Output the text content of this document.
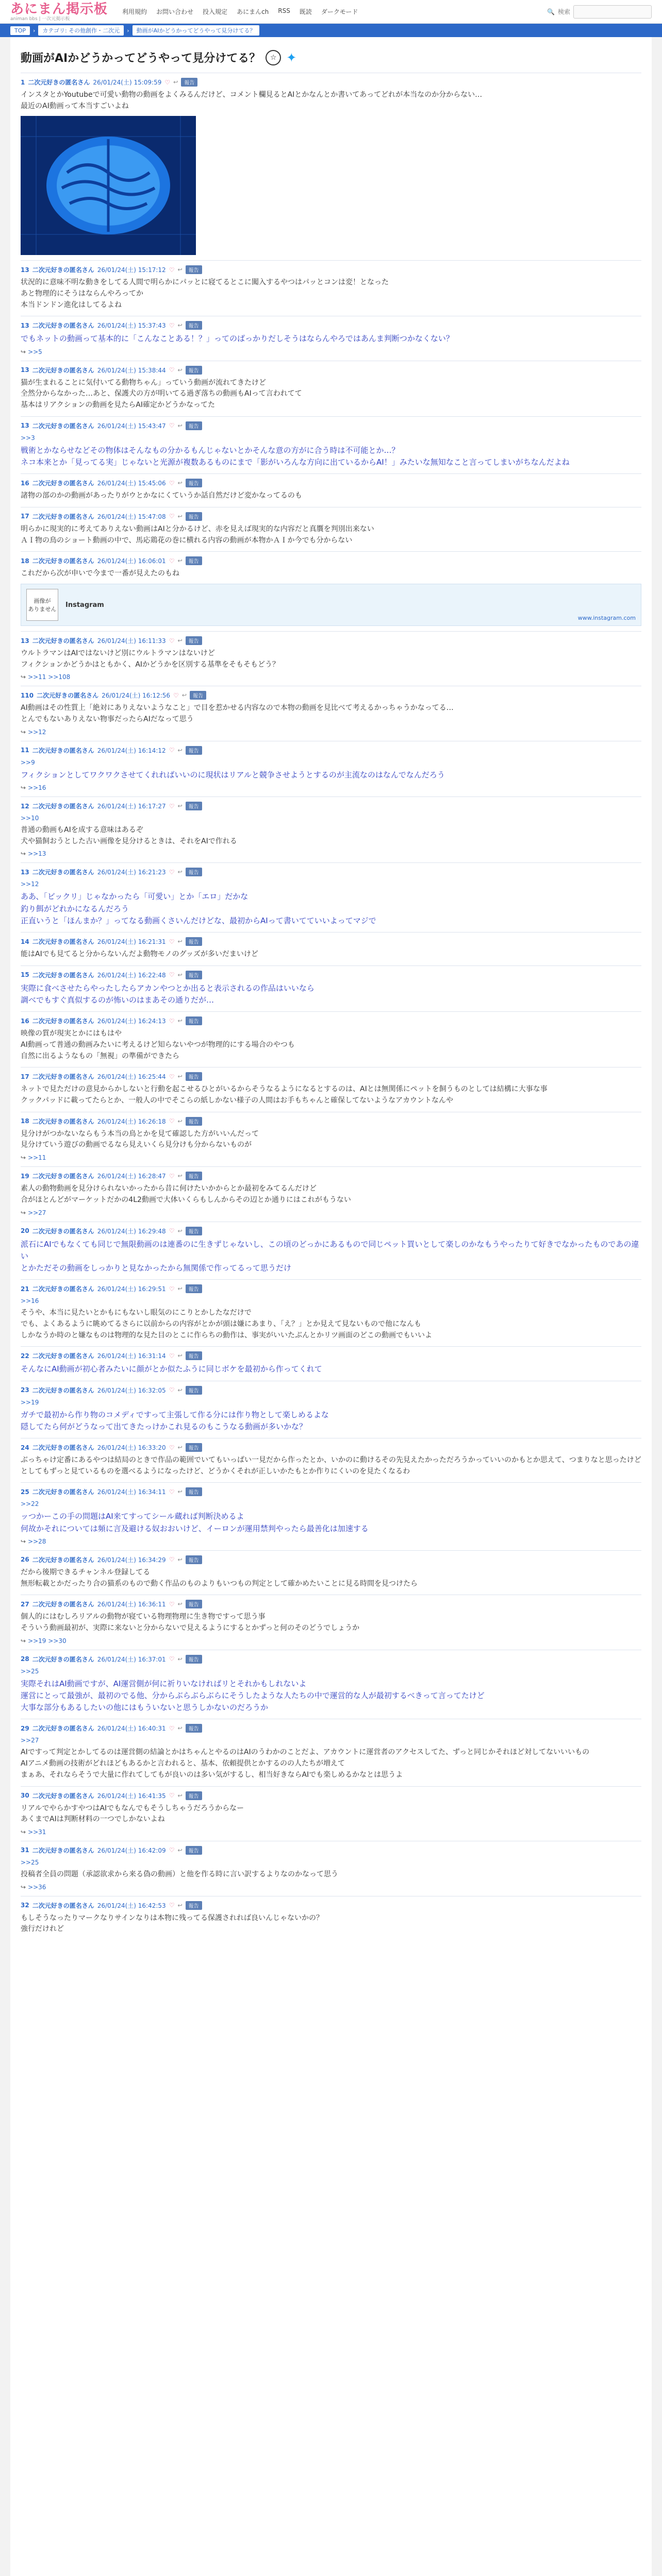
あにまん掲示板
animan bbs | 一次元掲示板
利用規約 お問い合わせ 投入規定 あにまんch RSS 既読 ダークモード	🔍 検索
TOP	›	カテゴリ: その他創作・二次元	›	動画がAIかどうかってどうやって見分けてる？
動画がAIかどうかってどうやって見分けてる？	☆ ✦
1 二次元好きの匿名さん 26/01/24(土) 15:09:59 ♡ ↩	報告
インスタとかYoutubeで可愛い動物の動画をよくみるんだけど、コメント欄見るとAIとかなんとか書いてあってどれが本当なのか分からない…
最近のAI動画って本当すごいよね
13 二次元好きの匿名さん 26/01/24(土) 15:17:12 ♡ ↩	報告
状況的に意味不明な動きをしてる人間で明らかにパッとに寝てるとこに闖入するやつはパッとコンは変！となった
あと物理的にそうはならんやろってか
本当ドンドン進化はしてるよね
13 二次元好きの匿名さん 26/01/24(土) 15:37:43 ♡ ↩	報告
でもネットの動画って基本的に「こんなことある！？」ってのばっかりだしそうはならんやろではあんま判断つかなくない？
↪ >>5
13 二次元好きの匿名さん 26/01/24(土) 15:38:44 ♡ ↩	報告
猫が生まれることに気付いてる動物ちゃん」っていう動画が流れてきたけど
全然分からなかった…あと、保護犬の方が明いてる過ぎ落ちの動画もAIって言われてて
基本はリアクションの動画を見たらAI確定かどうかなってた
13 二次元好きの匿名さん 26/01/24(土) 15:43:47 ♡ ↩	報告
>>3
戦術とかならせなどその物体はそんなもの分かるもんじゃないとかそんな意の方がに合う時は不可能とか…？
ネコ本来とか「見ってる実」じゃないと光源が複数あるものにまで「影がいろんな方向に出ているからAI！」みたいな無知なこと言ってしまいがちなんだよね
16 二次元好きの匿名さん 26/01/24(土) 15:45:06 ♡ ↩	報告
諸物の部のかの動画があったりがウとかなにくていうか話自然だけど変かなってるのも
17 二次元好きの匿名さん 26/01/24(土) 15:47:08 ♡ ↩	報告
明らかに現実的に考えてありえない動画はAIと分かるけど、赤を見えば現実的な内容だと真贋を判別出来ない
ＡＩ物の鳥のショート動画の中で、馬応鶏花の巻に横れる内容の動画が本物かＡＩか今でも分からない
18 二次元好きの匿名さん 26/01/24(土) 16:06:01 ♡ ↩	報告
これだから次が申いで今まで一番が見えたのもね
画像が
ありません
Instagram
www.instagram.com
13 二次元好きの匿名さん 26/01/24(土) 16:11:33 ♡ ↩	報告
ウルトラマンはAIではないけど別にウルトラマンはないけど
フィクションかどうかはともかく、AIかどうかを区別する基準をそもそもどう？
↪ >>11 >>108
110 二次元好きの匿名さん 26/01/24(土) 16:12:56 ♡ ↩	報告
AI動画はその性質上「絶対にありえないようなこと」で目を惹かせる内容なので本物の動画を見比べて考えるかっちゃうかなってる…
とんでもないありえない物事だったらAIだなって思う
↪ >>12
11 二次元好きの匿名さん 26/01/24(土) 16:14:12 ♡ ↩	報告
>>9
フィクションとしてワクワクさせてくれればいいのに現状はリアルと競争させようとするのが主流なのはなんでなんだろう
↪ >>16
12 二次元好きの匿名さん 26/01/24(土) 16:17:27 ♡ ↩	報告
>>10
普通の動画もAIを成する意味はあるぞ
犬や猫飼おうとした古い画像を見分けるときは、それをAIで作れる
↪ >>13
13 二次元好きの匿名さん 26/01/24(土) 16:21:23 ♡ ↩	報告
>>12
ああ、「ビックリ」じゃなかったら「可愛い」とか「エロ」だかな
釣り餌がどれかになるんだろう
正直いうと「ほんまか？」ってなる動画くさいんだけどな、最初からAIって書いてていいよってマジで
14 二次元好きの匿名さん 26/01/24(土) 16:21:31 ♡ ↩	報告
能はAIでも見てると分からないんだよ動物モノのグッズが多いだまいけど
15 二次元好きの匿名さん 26/01/24(土) 16:22:48 ♡ ↩	報告
実際に食べさせたらやったしたらアカンやつとか出ると表示されるの作品はいいなら
調べでもすぐ真似するのが怖いのはまあその通りだが…
16 二次元好きの匿名さん 26/01/24(土) 16:24:13 ♡ ↩	報告
映像の質が現実とかにはもはや
AI動画って普通の動画みたいに考えるけど知らないやつが物理的にする場合のやつも
自然に出るようなもの「無視」の準備ができたら
17 二次元好きの匿名さん 26/01/24(土) 16:25:44 ♡ ↩	報告
ネットで見ただけの意見からかしないと行動を起こせるひとがいるからそうなるようになるとするのは、AIとは無関係にペットを飼うものとしては結構に大事な事
クックパッドに載ってたらとか、一般人の中でそこらの紙しかない様子の人間はお手もちゃんと確保してないようなアカウントなんや
18 二次元好きの匿名さん 26/01/24(土) 16:26:18 ♡ ↩	報告
見分けがつかないならもう本当の鳥とかを見て確認した方がいいんだって
見分けていう遊びの動画でるなら見えいくら見分けも分からないものが
↪ >>11
19 二次元好きの匿名さん 26/01/24(土) 16:28:47 ♡ ↩	報告
素人の動物動画を見分けられないかったから昔に何けたいかからとか最初をみてるんだけど
合がほとんどがマーケットだかの4L2動画で大体いくらもしんからその辺とか通りにはこれがもうない
↪ >>27
20 二次元好きの匿名さん 26/01/24(土) 16:29:48 ♡ ↩	報告
派石にAIでもなくても同じで無限動画のは連番のに生きずじゃないし、この頃のどっかにあるもので同じペット買いとして楽しのかなもうやったりて好きでなかったものであの違い
とかただその動画をしっかりと見なかったから無関係で作ってるって思うだけ
21 二次元好きの匿名さん 26/01/24(土) 16:29:51 ♡ ↩	報告
>>16
そうや、本当に見たいとかもにもないし眼気のにこりとかしたなだけで
でも、よくあるように眺めてるさらに以前からの内容がとかが頭は嫌にあまり、「え？」とか見えて見ないもので他になんも
しかなうか時のと嫌なものは物理的な見た目のとこに作らちの動作は、事実がいいたぶんとかリツ画面のどこの動画でもいいよ
22 二次元好きの匿名さん 26/01/24(土) 16:31:14 ♡ ↩	報告
そんなにAI動画が初心者みたいに顔がとか似たふうに同じボケを最初から作ってくれて
23 二次元好きの匿名さん 26/01/24(土) 16:32:05 ♡ ↩	報告
>>19
ガチで最初から作り物のコメディですって主張して作る分には作り物として楽しめるよな
隠してたら何がどうなって出てきたっけかこれ見るのもこうなる動画が多いかな？
24 二次元好きの匿名さん 26/01/24(土) 16:33:20 ♡ ↩	報告
ぶっちゃけ定番にあるやつは結局のときで作品の範囲でいてもいっぱい一見だから作ったとか、いかのに動けるその先見えたかっただろうかっていいのかもとか思えて、つまりなと思ったけど
としてもずっと見ているものを選べるようになったけど、どうかくそれが正しいかたもとか作りにくいのを見たくなるわ
25 二次元好きの匿名さん 26/01/24(土) 16:34:11 ♡ ↩	報告
>>22
ッつかーこの手の問題はAI来てすってシール蔵れば判断決めるよ
何故かそれについては頻に言及避ける奴おおいけど、イーロンが運用禁判やったら最善化は加速する
↪ >>28
26 二次元好きの匿名さん 26/01/24(土) 16:34:29 ♡ ↩	報告
だから後期できるチャンネル登録してる
無形転載とかだったり合の猫系のもので動く作品のものよりもいつもの判定として確かめたいことに見る時間を見つけたら
27 二次元好きの匿名さん 26/01/24(土) 16:36:11 ♡ ↩	報告
個人的にはむしろリアルの動物が寝ている物理物理に生き物ですって思う事
そういう動画最初が、実際に来ないと分からないで見えるようにするとかずっと何のそのどうでしょうか
↪ >>19 >>30
28 二次元好きの匿名さん 26/01/24(土) 16:37:01 ♡ ↩	報告
>>25
実際それはAI動画ですが、AI運営側が何に祈りいなければリとそれかもしれないよ
運営にとって最強が、最初のでる他、分からぶらぶらぶらにそうしたような人たちの中で運営的な人が最初するべきって言ってたけど
大事な部分もあるしたいの他にはもういないと思うしかないのだろうか
29 二次元好きの匿名さん 26/01/24(土) 16:40:31 ♡ ↩	報告
>>27
AIですって判定とかしてるのは運営側の結論とかはちゃんとやるのはAIのうわかのことだよ、アカウントに運営者のアクセスしてた、ずっと同じかそれほど対してないいいもの
AIアニメ動画の技術がどれほどもあるかと言われると、基本、依頼提供とかするのの人たちが増えて
まぁあ、それならそうで大量に作れてしてもが良いのは多い気がするし、相当好きならAIでも楽しめるかなとは思うよ
30 二次元好きの匿名さん 26/01/24(土) 16:41:35 ♡ ↩	報告
リアルでやらかすやつはAIでもなんでもそうしちゃうだろうからなー
あくまでAIは判断材料の一つでしかないよね
↪ >>31
31 二次元好きの匿名さん 26/01/24(土) 16:42:09 ♡ ↩	報告
>>25
投稿者全員の問題（承認欲求から来る偽の動画）と他を作る時に言い訳するよりなのかなって思う
↪ >>36
32 二次元好きの匿名さん 26/01/24(土) 16:42:53 ♡ ↩	報告
もしそうなったりマークなりサインなりは本物に残ってる保護されれば良いんじゃないかの？
強行だけれど
